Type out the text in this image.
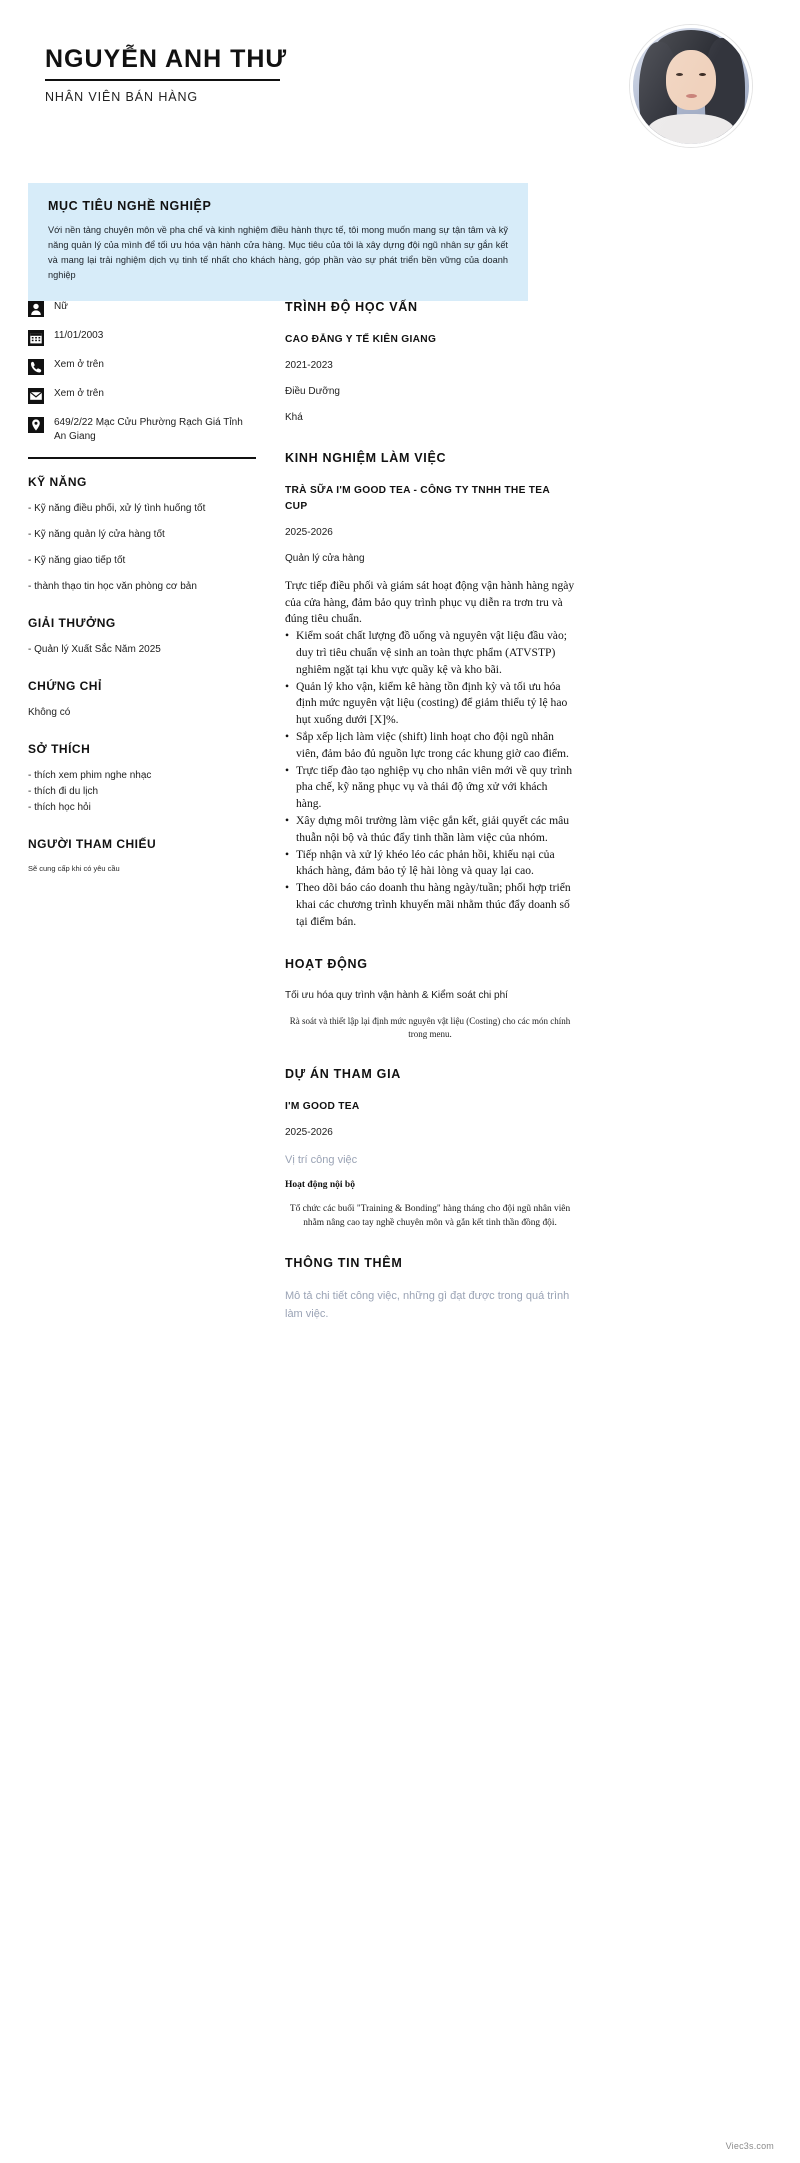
NGUYỄN ANH THƯ
NHÂN VIÊN BÁN HÀNG
MỤC TIÊU NGHỀ NGHIỆP

Với nền tảng chuyên môn về pha chế và kinh nghiệm điều hành thực tế, tôi mong muốn mang sự tận tâm và kỹ năng quản lý của mình để tối ưu hóa vận hành cửa hàng. Mục tiêu của tôi là xây dựng đội ngũ nhân sự gắn kết và mang lại trải nghiệm dịch vụ tinh tế nhất cho khách hàng, góp phần vào sự phát triển bền vững của doanh nghiệp

Nữ
11/01/2003
Xem ở trên
Xem ở trên
649/2/22 Mạc Cửu Phường Rạch Giá Tỉnh An Giang
KỸ NĂNG
- Kỹ năng điều phối, xử lý tình huống tốt
- Kỹ năng quản lý cửa hàng tốt
- Kỹ năng giao tiếp tốt
- thành thạo tin học văn phòng cơ bản
GIẢI THƯỞNG
- Quản lý Xuất Sắc Năm 2025
CHỨNG CHỈ
Không có
SỞ THÍCH
- thích xem phim nghe nhạc
- thích đi du lịch
- thích học hỏi
NGƯỜI THAM CHIẾU
Sẽ cung cấp khi có yêu cầu
TRÌNH ĐỘ HỌC VẤN
CAO ĐẲNG Y TẾ KIÊN GIANG
2021-2023
Điều Dưỡng
Khá
KINH NGHIỆM LÀM VIỆC
TRÀ SỮA I'M GOOD TEA - CÔNG TY TNHH THE TEA CUP
2025-2026
Quản lý cửa hàng
Trực tiếp điều phối và giám sát hoạt động vận hành hàng ngày của cửa hàng, đảm bảo quy trình phục vụ diễn ra trơn tru và đúng tiêu chuẩn.
• Kiểm soát chất lượng đồ uống và nguyên vật liệu đầu vào; duy trì tiêu chuẩn vệ sinh an toàn thực phẩm (ATVSTP) nghiêm ngặt tại khu vực quầy kệ và kho bãi.
• Quản lý kho vận, kiểm kê hàng tồn định kỳ và tối ưu hóa định mức nguyên vật liệu (costing) để giảm thiểu tỷ lệ hao hụt xuống dưới [X]%.
• Sắp xếp lịch làm việc (shift) linh hoạt cho đội ngũ nhân viên, đảm bảo đủ nguồn lực trong các khung giờ cao điểm.
• Trực tiếp đào tạo nghiệp vụ cho nhân viên mới về quy trình pha chế, kỹ năng phục vụ và thái độ ứng xử với khách hàng.
• Xây dựng môi trường làm việc gắn kết, giải quyết các mâu thuẫn nội bộ và thúc đẩy tinh thần làm việc của nhóm.
• Tiếp nhận và xử lý khéo léo các phản hồi, khiếu nại của khách hàng, đảm bảo tỷ lệ hài lòng và quay lại cao.
• Theo dõi báo cáo doanh thu hàng ngày/tuần; phối hợp triển khai các chương trình khuyến mãi nhằm thúc đẩy doanh số tại điểm bán.
HOẠT ĐỘNG
Tối ưu hóa quy trình vận hành & Kiểm soát chi phí
Rà soát và thiết lập lại định mức nguyên vật liệu (Costing) cho các món chính trong menu.
DỰ ÁN THAM GIA
I'M GOOD TEA
2025-2026
Vị trí công việc
Hoạt động nội bộ
Tổ chức các buổi "Training & Bonding" hàng tháng cho đội ngũ nhân viên nhằm nâng cao tay nghề chuyên môn và gắn kết tinh thần đồng đội.
THÔNG TIN THÊM
Mô tả chi tiết công việc, những gì đạt được trong quá trình làm việc.
Viec3s.com
